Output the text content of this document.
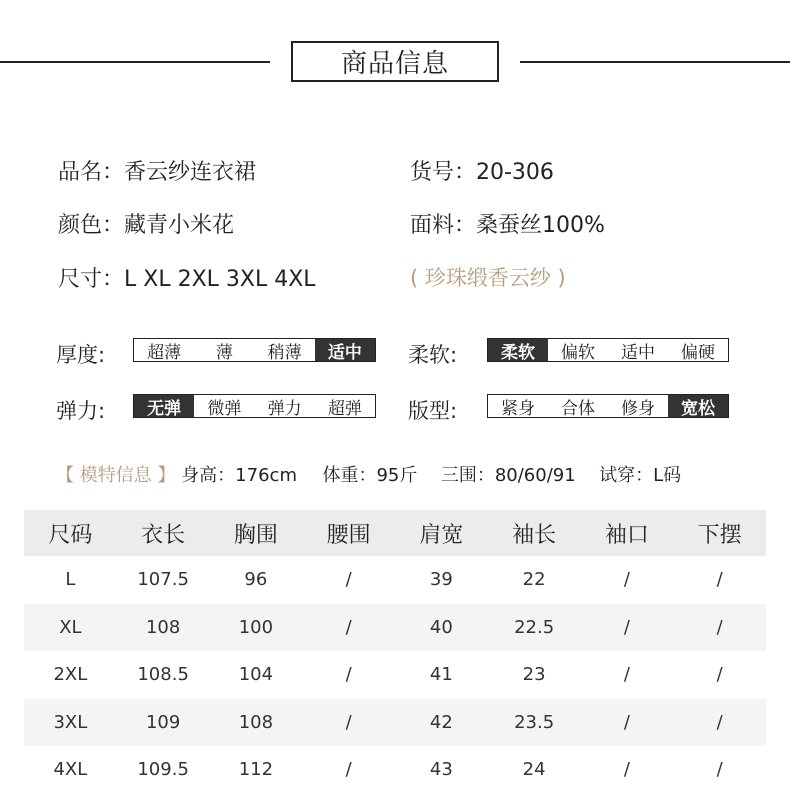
商品信息
品名：香云纱连衣裙	货号：20-306
颜色：藏青小米花	面料：桑蚕丝100%
尺寸：L XL 2XL 3XL 4XL	( 珍珠缎香云纱 )
厚度:	超薄	薄	稍薄	适中	柔软:	柔软	偏软	适中	偏硬
弹力:	无弹	微弹	弹力	超弹	版型:	紧身	合体	修身	宽松
【 模特信息 】 身高：176cm 体重：95斤 三围：80/60/91 试穿：L码
尺码	衣长	胸围	腰围	肩宽	袖长	袖口	下摆
L	107.5	96	/	39	22	/	/
XL	108	100	/	40	22.5	/	/
2XL	108.5	104	/	41	23	/	/
3XL	109	108	/	42	23.5	/	/
4XL	109.5	112	/	43	24	/	/
